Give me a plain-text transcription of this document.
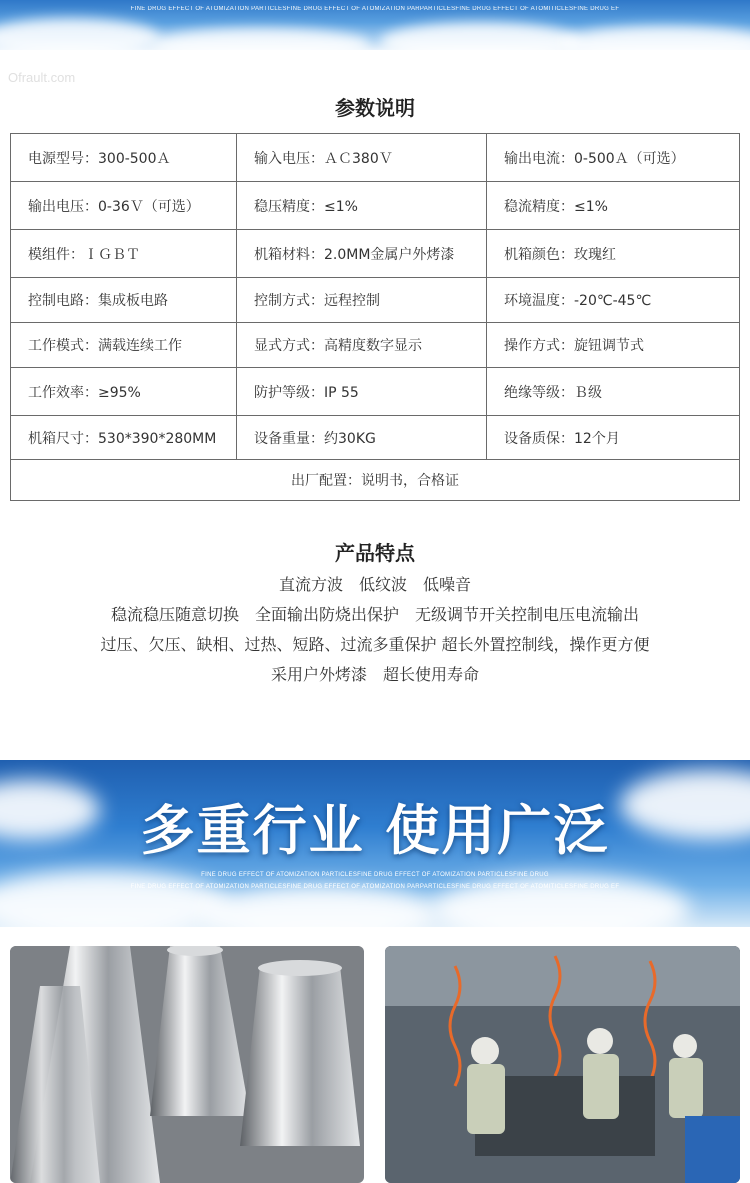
FINE DRUG EFFECT OF ATOMIZATION PARTICLESFINE DRUG EFFECT OF ATOMIZATION PARPARTICLESFINE DRUG EFFECT OF ATOMITICLESFINE DRUG EF
Ofrault.com
参数说明
电源型号：300-500Ａ	输入电压：ＡＣ380Ｖ	输出电流：0-500Ａ（可选）
输出电压：0-36Ｖ（可选）	稳压精度：≤1%	稳流精度：≤1%
模组件：ＩＧＢＴ	机箱材料：2.0MM金属户外烤漆	机箱颜色：玫瑰红
控制电路：集成板电路	控制方式：远程控制	环境温度：-20℃-45℃
工作模式：满载连续工作	显式方式：高精度数字显示	操作方式：旋钮调节式
工作效率：≥95%	防护等级：IP 55	绝缘等级：Ｂ级
机箱尺寸：530*390*280MM	设备重量：约30KG	设备质保：12个月
出厂配置：说明书，合格证		
产品特点

直流方波　低纹波　低噪音

稳流稳压随意切换　全面输出防烧出保护　无级调节开关控制电压电流输出

过压、欠压、缺相、过热、短路、过流多重保护 超长外置控制线，操作更方便

采用户外烤漆　超长使用寿命

多重行业 使用广泛
FINE DRUG EFFECT OF ATOMIZATION PARTICLESFINE DRUG EFFECT OF ATOMIZATION PARTICLESFINE DRUG
FINE DRUG EFFECT OF ATOMIZATION PARTICLESFINE DRUG EFFECT OF ATOMIZATION PARPARTICLESFINE DRUG EFFECT OF ATOMITICLESFINE DRUG EF
